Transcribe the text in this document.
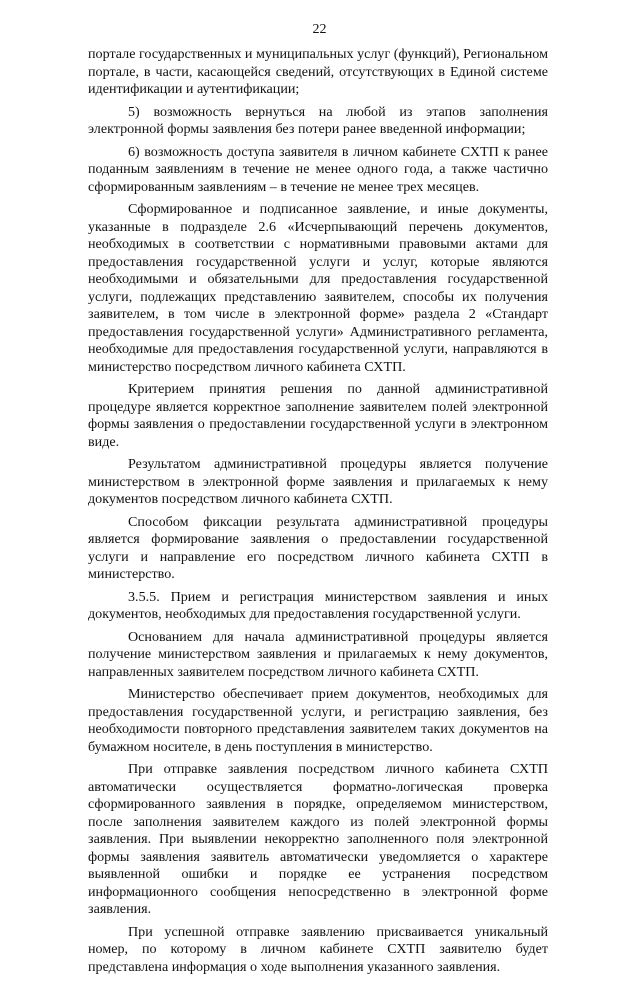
22

порталe государственных и муниципальных услуг (функций), Региональном портале, в части, касающейся сведений, отсутствующих в Единой системе идентификации и аутентификации;

5) возможность вернуться на любой из этапов заполнения электронной формы заявления без потери ранее введенной информации;

6) возможность доступа заявителя в личном кабинете СХТП к ранее поданным заявлениям в течение не менее одного года, а также частично сформированным заявлениям – в течение не менее трех месяцев.

Сформированное и подписанное заявление, и иные документы, указанные в подразделе 2.6 «Исчерпывающий перечень документов, необходимых в соответствии с нормативными правовыми актами для предоставления государственной услуги и услуг, которые являются необходимыми и обязательными для предоставления государственной услуги, подлежащих представлению заявителем, способы их получения заявителем, в том числе в электронной форме» раздела 2 «Стандарт предоставления государственной услуги» Административного регламента, необходимые для предоставления государственной услуги, направляются в министерство посредством личного кабинета СХТП.

Критерием принятия решения по данной административной процедуре является корректное заполнение заявителем полей электронной формы заявления о предоставлении государственной услуги в электронном виде.

Результатом административной процедуры является получение министерством в электронной форме заявления и прилагаемых к нему документов посредством личного кабинета СХТП.

Способом фиксации результата административной процедуры является формирование заявления о предоставлении государственной услуги и направление его посредством личного кабинета СХТП в министерство.

3.5.5. Прием и регистрация министерством заявления и иных документов, необходимых для предоставления государственной услуги.

Основанием для начала административной процедуры является получение министерством заявления и прилагаемых к нему документов, направленных заявителем посредством личного кабинета СХТП.

Министерство обеспечивает прием документов, необходимых для предоставления государственной услуги, и регистрацию заявления, без необходимости повторного представления заявителем таких документов на бумажном носителе, в день поступления в министерство.

При отправке заявления посредством личного кабинета СХТП автоматически осуществляется форматно-логическая проверка сформированного заявления в порядке, определяемом министерством, после заполнения заявителем каждого из полей электронной формы заявления. При выявлении некорректно заполненного поля электронной формы заявления заявитель автоматически уведомляется о характере выявленной ошибки и порядке ее устранения посредством информационного сообщения непосредственно в электронной форме заявления.

При успешной отправке заявлению присваивается уникальный номер, по которому в личном кабинете СХТП заявителю будет представлена информация о ходе выполнения указанного заявления.
